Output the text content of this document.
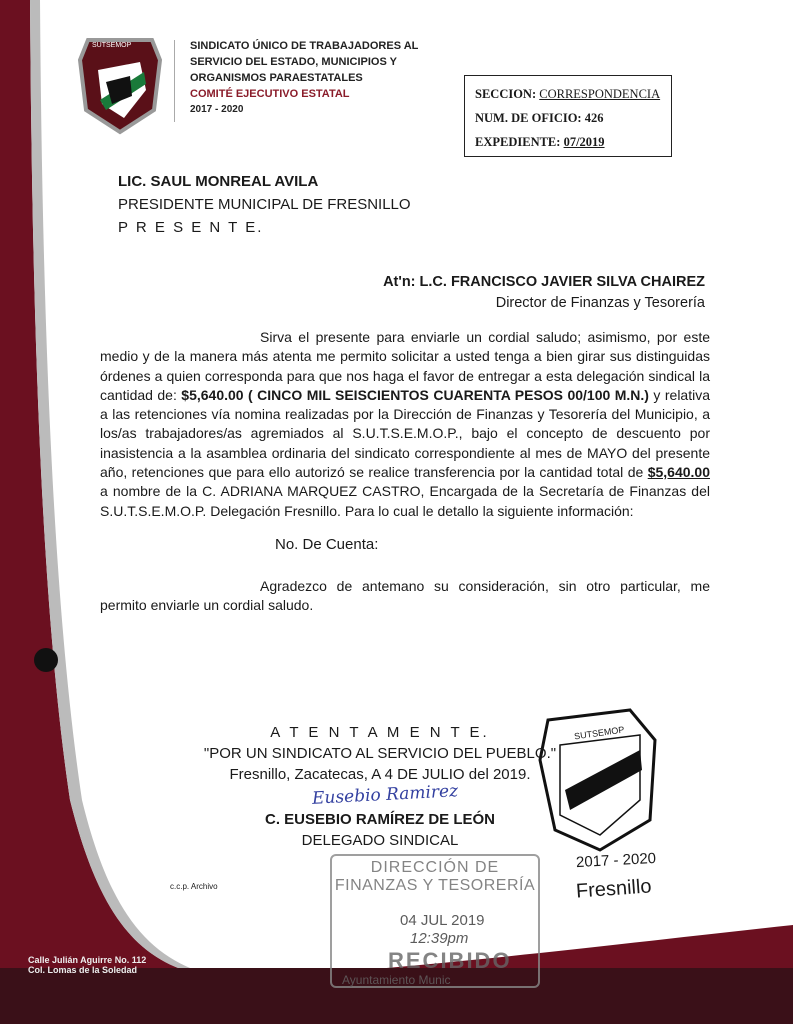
SUTSEMOP	SINDICATO ÚNICO DE TRABAJADORES AL
SERVICIO DEL ESTADO, MUNICIPIOS Y
ORGANISMOS PARAESTATALES
COMITÉ EJECUTIVO ESTATAL
2017 - 2020
SECCION: CORRESPONDENCIA
NUM. DE OFICIO: 426
EXPEDIENTE: 07/2019
LIC. SAUL MONREAL AVILA
PRESIDENTE MUNICIPAL DE FRESNILLO
P R E S E N T E.
At'n: L.C. FRANCISCO JAVIER SILVA CHAIREZ
Director de Finanzas y Tesorería

Sirva el presente para enviarle un cordial saludo; asimismo, por este medio y de la manera más atenta me permito solicitar a usted tenga a bien girar sus distinguidas órdenes a quien corresponda para que nos haga el favor de entregar a esta delegación sindical la cantidad de: $5,640.00 ( CINCO MIL SEISCIENTOS CUARENTA PESOS 00/100 M.N.) y relativa a las retenciones vía nomina realizadas por la Dirección de Finanzas y Tesorería del Municipio, a los/as trabajadores/as agremiados al S.U.T.S.E.M.O.P., bajo el concepto de descuento por inasistencia a la asamblea ordinaria del sindicato correspondiente al mes de MAYO del presente año, retenciones que para ello autorizó se realice transferencia por la cantidad total de $5,640.00 a nombre de la C. ADRIANA MARQUEZ CASTRO, Encargada de la Secretaría de Finanzas del S.U.T.S.E.M.O.P. Delegación Fresnillo. Para lo cual le detallo la siguiente información:

No. De Cuenta:
Agradezco de antemano su consideración, sin otro particular, me permito enviarle un cordial saludo.
A T E N T A M E N T E.
"POR UN SINDICATO AL SERVICIO DEL PUEBLO."
Fresnillo, Zacatecas, A 4 DE JULIO del 2019.
C. EUSEBIO RAMÍREZ DE LEÓN
DELEGADO SINDICAL
Eusebio Ramirez
SUTSEMOP
2017 - 2020
Fresnillo
c.c.p. Archivo
DIRECCIÓN DE
FINANZAS Y TESORERÍA
04 JUL 2019
12:39pm
RECIBIDO
Ayuntamiento Munic
Calle Julián Aguirre No. 112
Col. Lomas de la Soledad
